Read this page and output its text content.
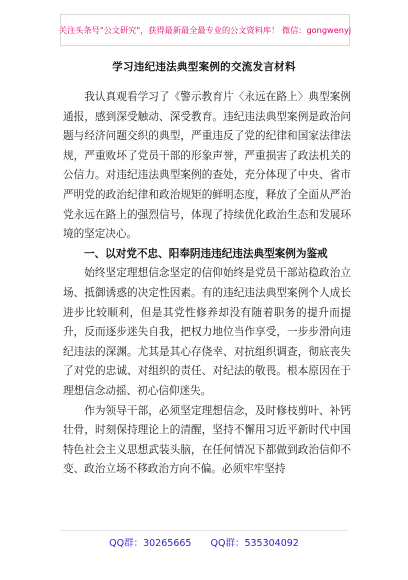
关注头条号"公文研究"，获得最新最全最专业的公文资料库！ 微信：gongwenyj
学习违纪违法典型案例的交流发言材料

我认真观看学习了《警示教育片〈永远在路上〉典型案例通报，感到深受触动、深受教育。违纪违法典型案例是政治问题与经济问题交织的典型，严重违反了党的纪律和国家法律法规，严重败坏了党员干部的形象声誉，严重损害了政法机关的公信力。对违纪违法典型案例的查处，充分体现了中央、省市严明党的政治纪律和政治规矩的鲜明态度，释放了全面从严治党永远在路上的强烈信号，体现了持续优化政治生态和发展环境的坚定决心。

一、以对党不忠、阳奉阴违违纪违法典型案例为鉴戒

始终坚定理想信念坚定的信仰始终是党员干部站稳政治立场、抵御诱惑的决定性因素。有的违纪违法典型案例个人成长进步比较顺利，但是其党性修养却没有随着职务的提升而提升，反而逐步迷失自我，把权力地位当作享受，一步步滑向违纪违法的深渊。尤其是其心存侥幸、对抗组织调查，彻底丧失了对党的忠诚、对组织的责任、对纪法的敬畏。根本原因在于理想信念动摇、初心信仰迷失。

作为领导干部，必须坚定理想信念，及时修枝剪叶、补钙壮骨，时刻保持理论上的清醒，坚持不懈用习近平新时代中国特色社会主义思想武装头脑，在任何情况下都做到政治信仰不变、政治立场不移政治方向不偏。必须牢牢坚持

QQ群：30265665 QQ群：535304092
